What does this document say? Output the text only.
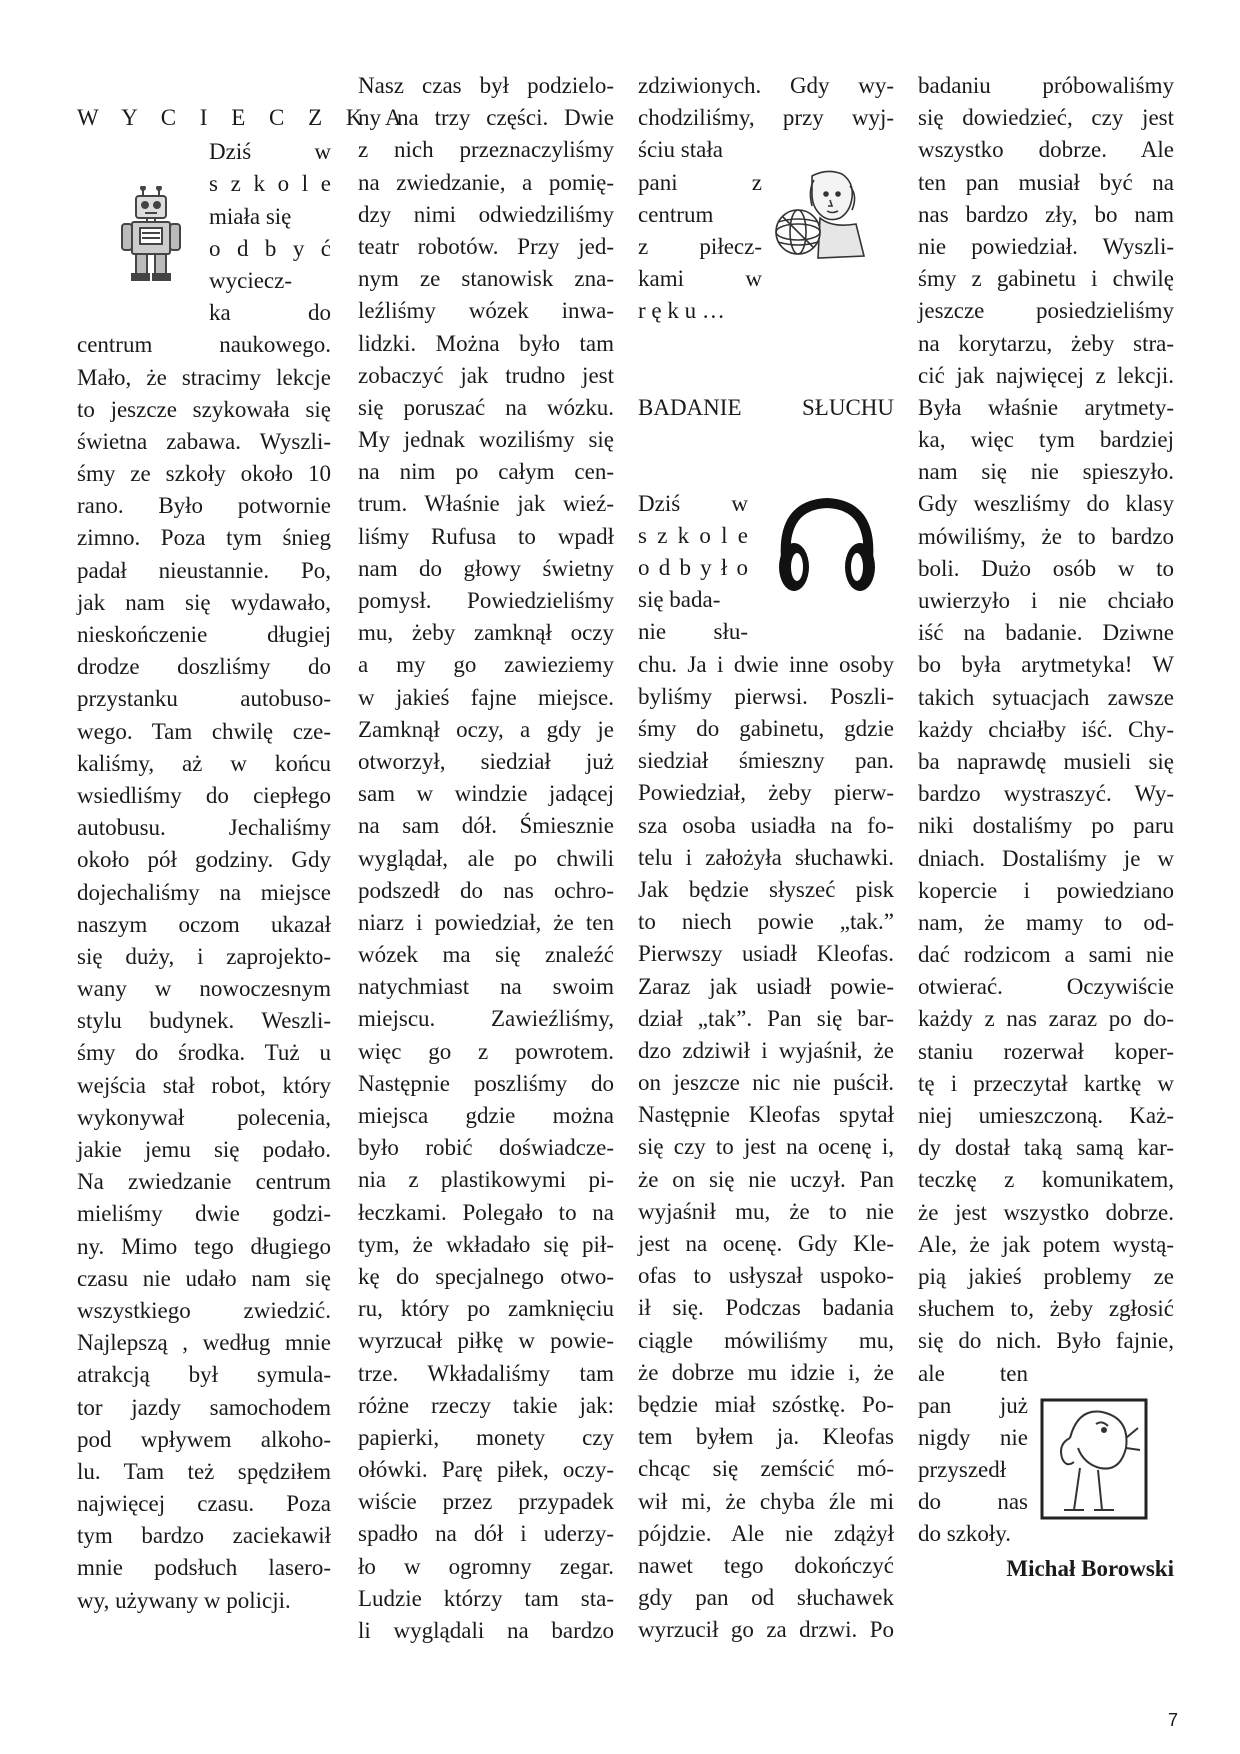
W Y C I E C Z K A
Dziś w
s z k o l e
miała się
o d b y ć
wyciecz-
ka do
centrum naukowego.
Mało, że stracimy lekcje
to jeszcze szykowała się
świetna zabawa. Wyszli-
śmy ze szkoły około 10
rano. Było potwornie
zimno. Poza tym śnieg
padał nieustannie. Po,
jak nam się wydawało,
nieskończenie długiej
drodze doszliśmy do
przystanku autobuso-
wego. Tam chwilę cze-
kaliśmy, aż w końcu
wsiedliśmy do ciepłego
autobusu. Jechaliśmy
około pół godziny. Gdy
dojechaliśmy na miejsce
naszym oczom ukazał
się duży, i zaprojekto-
wany w nowoczesnym
stylu budynek. Weszli-
śmy do środka. Tuż u
wejścia stał robot, który
wykonywał polecenia,
jakie jemu się podało.
Na zwiedzanie centrum
mieliśmy dwie godzi-
ny. Mimo tego długiego
czasu nie udało nam się
wszystkiego zwiedzić.
Najlepszą , według mnie
atrakcją był symula-
tor jazdy samochodem
pod wpływem alkoho-
lu. Tam też spędziłem
najwięcej czasu. Poza
tym bardzo zaciekawił
mnie podsłuch lasero-
wy, używany w policji.
Nasz czas był podzielo-
ny na trzy części. Dwie
z nich przeznaczyliśmy
na zwiedzanie, a pomię-
dzy nimi odwiedziliśmy
teatr robotów. Przy jed-
nym ze stanowisk zna-
leźliśmy wózek inwa-
lidzki. Można było tam
zobaczyć jak trudno jest
się poruszać na wózku.
My jednak woziliśmy się
na nim po całym cen-
trum. Właśnie jak wieź-
liśmy Rufusa to wpadł
nam do głowy świetny
pomysł. Powiedzieliśmy
mu, żeby zamknął oczy
a my go zawieziemy
w jakieś fajne miejsce.
Zamknął oczy, a gdy je
otworzył, siedział już
sam w windzie jadącej
na sam dół. Śmiesznie
wyglądał, ale po chwili
podszedł do nas ochro-
niarz i powiedział, że ten
wózek ma się znaleźć
natychmiast na swoim
miejscu. Zawieźliśmy,
więc go z powrotem.
Następnie poszliśmy do
miejsca gdzie można
było robić doświadcze-
nia z plastikowymi pi-
łeczkami. Polegało to na
tym, że wkładało się pił-
kę do specjalnego otwo-
ru, który po zamknięciu
wyrzucał piłkę w powie-
trze. Wkładaliśmy tam
różne rzeczy takie jak:
papierki, monety czy
ołówki. Parę piłek, oczy-
wiście przez przypadek
spadło na dół i uderzy-
ło w ogromny zegar.
Ludzie którzy tam sta-
li wyglądali na bardzo
zdziwionych. Gdy wy-
chodziliśmy, przy wyj-
ściu stała
pani z
centrum
z piłecz-
kami w
r ę k u …
BADANIE SŁUCHU
Dziś w
s z k o l e
o d b y ł o
się bada-
nie słu-
chu. Ja i dwie inne osoby
byliśmy pierwsi. Poszli-
śmy do gabinetu, gdzie
siedział śmieszny pan.
Powiedział, żeby pierw-
sza osoba usiadła na fo-
telu i założyła słuchawki.
Jak będzie słyszeć pisk
to niech powie „tak.”
Pierwszy usiadł Kleofas.
Zaraz jak usiadł powie-
dział „tak”. Pan się bar-
dzo zdziwił i wyjaśnił, że
on jeszcze nic nie puścił.
Następnie Kleofas spytał
się czy to jest na ocenę i,
że on się nie uczył. Pan
wyjaśnił mu, że to nie
jest na ocenę. Gdy Kle-
ofas to usłyszał uspoko-
ił się. Podczas badania
ciągle mówiliśmy mu,
że dobrze mu idzie i, że
będzie miał szóstkę. Po-
tem byłem ja. Kleofas
chcąc się zemścić mó-
wił mi, że chyba źle mi
pójdzie. Ale nie zdążył
nawet tego dokończyć
gdy pan od słuchawek
wyrzucił go za drzwi. Po
badaniu próbowaliśmy
się dowiedzieć, czy jest
wszystko dobrze. Ale
ten pan musiał być na
nas bardzo zły, bo nam
nie powiedział. Wyszli-
śmy z gabinetu i chwilę
jeszcze posiedzieliśmy
na korytarzu, żeby stra-
cić jak najwięcej z lekcji.
Była właśnie arytmety-
ka, więc tym bardziej
nam się nie spieszyło.
Gdy weszliśmy do klasy
mówiliśmy, że to bardzo
boli. Dużo osób w to
uwierzyło i nie chciało
iść na badanie. Dziwne
bo była arytmetyka! W
takich sytuacjach zawsze
każdy chciałby iść. Chy-
ba naprawdę musieli się
bardzo wystraszyć. Wy-
niki dostaliśmy po paru
dniach. Dostaliśmy je w
kopercie i powiedziano
nam, że mamy to od-
dać rodzicom a sami nie
otwierać. Oczywiście
każdy z nas zaraz po do-
staniu rozerwał koper-
tę i przeczytał kartkę w
niej umieszczoną. Każ-
dy dostał taką samą kar-
teczkę z komunikatem,
że jest wszystko dobrze.
Ale, że jak potem wystą-
pią jakieś problemy ze
słuchem to, żeby zgłosić
się do nich. Było fajnie,
ale ten
pan już
nigdy nie
przyszedł
do nas
do szkoły.
Michał Borowski
7
